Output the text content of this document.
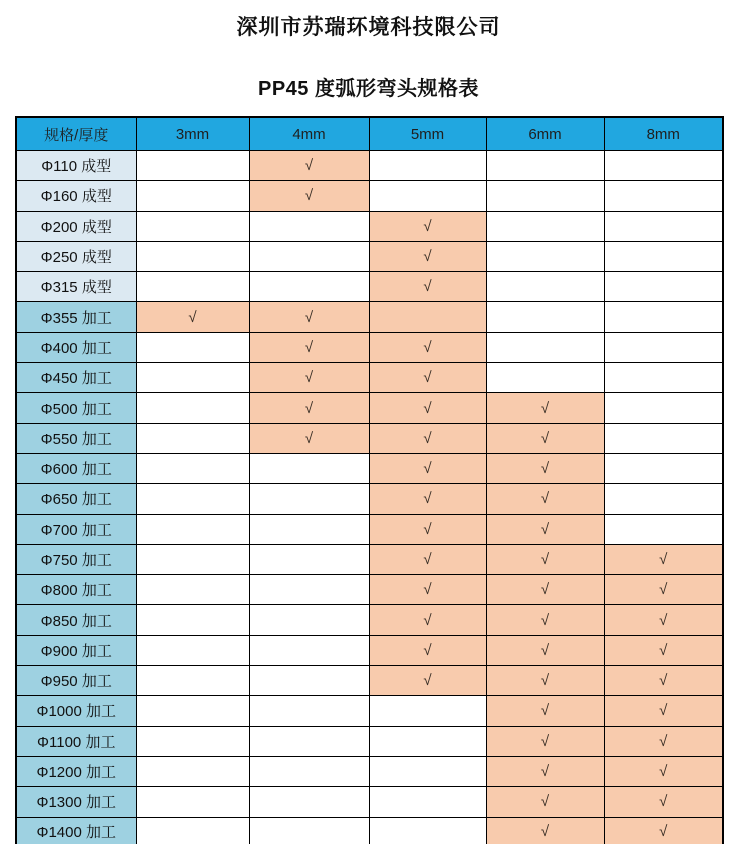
深圳市苏瑞环境科技限公司
PP45 度弧形弯头规格表
规格/厚度	3mm	4mm	5mm	6mm	8mm
Φ110 成型		√			
Φ160 成型		√			
Φ200 成型			√		
Φ250 成型			√		
Φ315 成型			√		
Φ355 加工	√	√			
Φ400 加工		√	√		
Φ450 加工		√	√		
Φ500 加工		√	√	√	
Φ550 加工		√	√	√	
Φ600 加工			√	√	
Φ650 加工			√	√	
Φ700 加工			√	√	
Φ750 加工			√	√	√
Φ800 加工			√	√	√
Φ850 加工			√	√	√
Φ900 加工			√	√	√
Φ950 加工			√	√	√
Φ1000 加工				√	√
Φ1100 加工				√	√
Φ1200 加工				√	√
Φ1300 加工				√	√
Φ1400 加工				√	√
